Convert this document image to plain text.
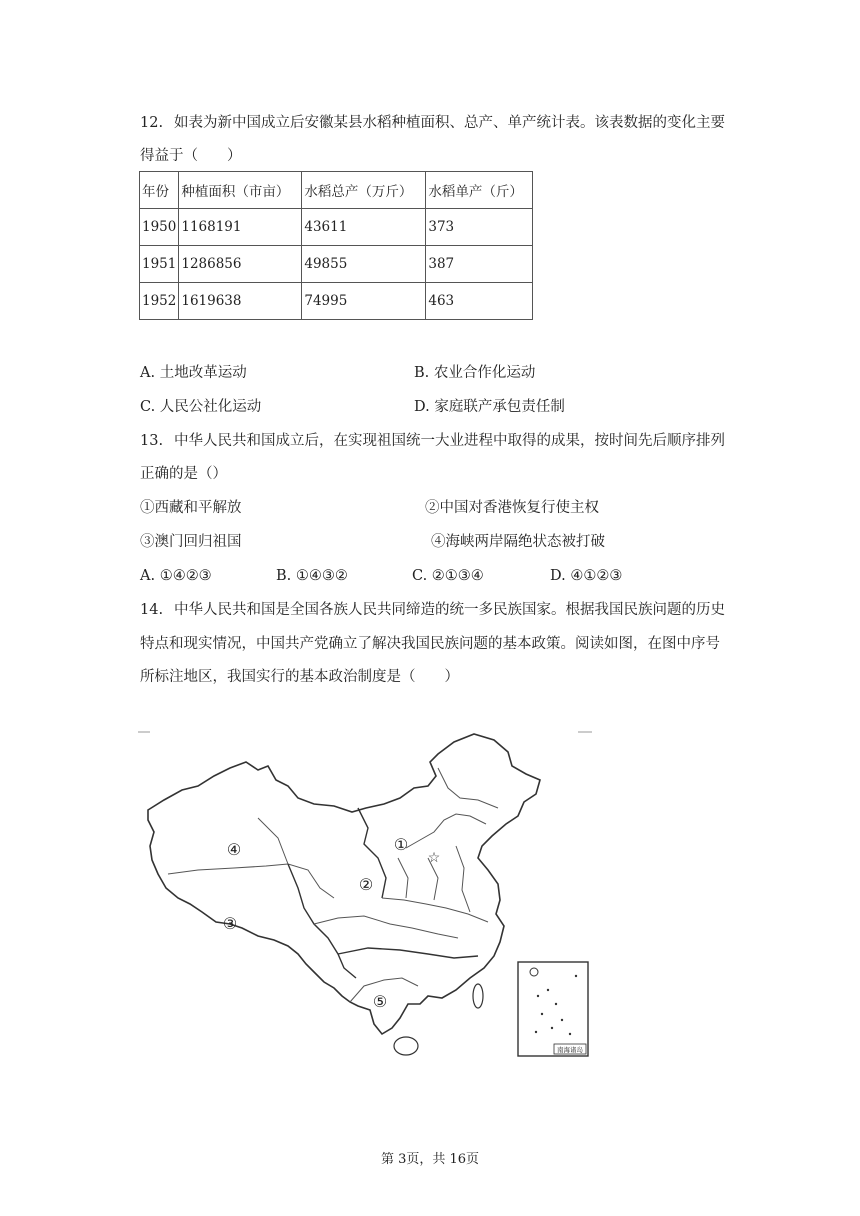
12. 如表为新中国成立后安徽某县水稻种植面积、总产、单产统计表。该表数据的变化主要
得益于（　　）
年份	种植面积（市亩）	水稻总产（万斤）	水稻单产（斤）
1950	1168191	43611	373
1951	1286856	49855	387
1952	1619638	74995	463
A. 土地改革运动	B. 农业合作化运动
C. 人民公社化运动	D. 家庭联产承包责任制
13. 中华人民共和国成立后，在实现祖国统一大业进程中取得的成果，按时间先后顺序排列
正确的是（）
①西藏和平解放	②中国对香港恢复行使主权
③澳门回归祖国	④海峡两岸隔绝状态被打破
A. ①④②③	B. ①④③②	C. ②①③④	D. ④①②③
14. 中华人民共和国是全国各族人民共同缔造的统一多民族国家。根据我国民族问题的历史
特点和现实情况，中国共产党确立了解决我国民族问题的基本政策。阅读如图，在图中序号
所标注地区，我国实行的基本政治制度是（　　）
☆
①
②
③
④
⑤
南海诸岛
第 3页，共 16页
